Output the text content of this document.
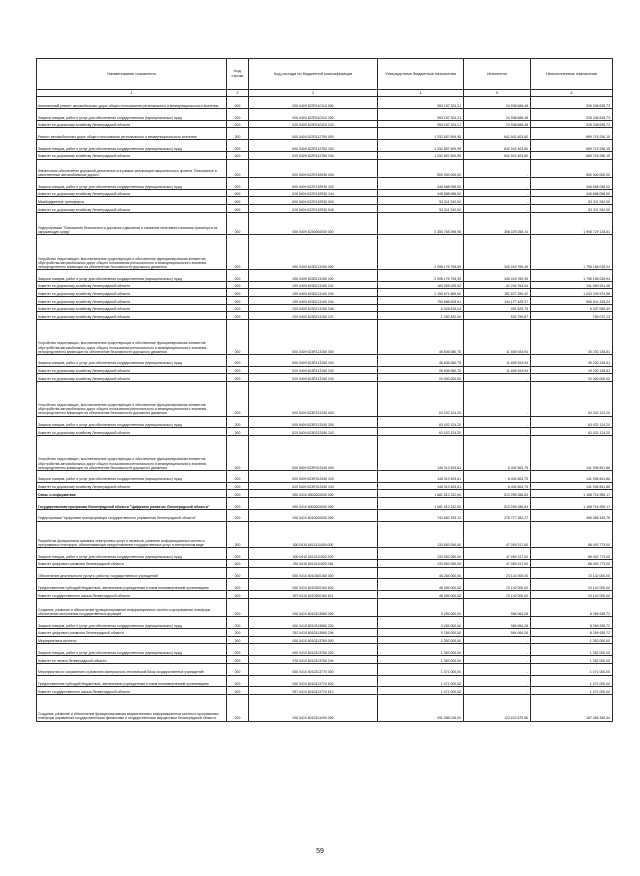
Наименование показателя	Код строки	Код расхода по бюджетной классификации	Утвержденные бюджетные назначения	Исполнено	Неисполненные назначения
1	2	3	4	5	6
Капитальный ремонт автомобильных дорог общего пользования регионального и межмуниципального значения	200	000 0409 622R110110 000	353 187 324,21	24 938 688,48	328 248 635,73
Закупка товаров, работ и услуг для обеспечения государственных (муниципальных) нужд	200	000 0409 622R110110 200	353 187 324,21	24 938 688,48	328 248 635,73
Комитет по дорожному хозяйству Ленинградской области	200	029 0409 622R110110 243	353 187 324,21	24 938 688,48	328 248 635,73
Ремонт автомобильных дорог общего пользования регионального и межмуниципального значения	200	000 0409 622R112750 000	1 332 857 699,95	642 942 403,80	689 715 296,15
Закупка товаров, работ и услуг для обеспечения государственных (муниципальных) нужд	200	000 0409 622R112750 200	1 332 857 699,95	642 942 403,80	689 715 296,15
Комитет по дорожному хозяйству Ленинградской области	200	029 0409 622R112750 244	1 332 857 699,95	642 942 403,80	689 715 296,15
Финансовое обеспечение дорожной деятельности в рамках реализации национального проекта "Безопасные и качественные автомобильные дороги"	200	000 0409 622R153930 000	500 000 000,00	-	500 000 000,00
Закупка товаров, работ и услуг для обеспечения государственных (муниципальных) нужд	200	000 0409 622R153930 200	446 688 058,00	-	446 688 058,00
Комитет по дорожному хозяйству Ленинградской области	200	029 0409 622R153930 244	446 688 058,00	-	446 688 058,00
Межбюджетные трансферты	200	000 0409 622R153930 500	53 311 942,00	-	53 311 942,00
Комитет по дорожному хозяйству Ленинградской области	200	029 0409 622R153930 540	53 311 942,00	-	53 311 942,00
Подпрограмма "Повышение безопасности дорожного движения и снижение негативного влияния транспорта на окружающую среду"	200	000 0409 6230000000 000	2 356 758 396,95	358 029 258,14	1 998 729 128,81
Устройство недостающих, восстановление существующих и обеспечение функционирования элементов обустройства автомобильных дорог общего пользования регионального и межмуниципального значения, непосредственно влияющих на обеспечение безопасности дорожного движения	200	000 0409 6230213150 000	2 098 176 798,39	340 018 769,45	1 758 158 028,94
Закупка товаров, работ и услуг для обеспечения государственных (муниципальных) нужд	200	000 0409 6230213150 200	2 098 176 798,39	340 018 769,45	1 758 158 028,94
Комитет по дорожному хозяйству Ленинградской области	200	029 0409 6230213150 242	183 305 025,52	42 244 764,04	141 060 261,48
Комитет по дорожному хозяйству Ленинградской области	200	029 0409 6230213150 243	1 155 871 865,00	152 572 290,42	1 003 299 574,58
Комитет по дорожному хозяйству Ленинградской области	200	029 0409 6230213150 244	750 688 828,61	144 177 425,37	606 511 203,24
Комитет по дорожному хозяйству Ленинградской области	200	029 0409 6230213150 246	6 928 615,24	491 529,75	6 437 085,49
Комитет по дорожному хозяйству Ленинградской области	200	029 0409 6230213150 247	1 282 832,00	532 759,87	750 072,13
Устройство недостающих, восстановление существующих и обеспечение функционирования элементов обустройства автомобильных дорог общего пользования регионального и межмуниципального значения, непосредственно влияющих на обеспечение безопасности дорожного движения	200	000 0409 623R113150 000	46 836 080,75	11 605 924,94	35 230 135,81
Закупка товаров, работ и услуг для обеспечения государственных (муниципальных) нужд	200	000 0409 623R113150 200	46 836 080,75	11 605 924,94	35 230 135,81
Комитет по дорожному хозяйству Ленинградской области	200	029 0409 623R113150 243	26 836 080,75	11 605 924,94	15 230 135,81
Комитет по дорожному хозяйству Ленинградской области	200	029 0409 623R113150 244	20 000 000,00	-	20 000 000,00
Устройство недостающих, восстановление существующих и обеспечение функционирования элементов обустройства автомобильных дорог общего пользования регионального и межмуниципального значения, непосредственно влияющих на обеспечение безопасности дорожного движения	200	000 0409 623R213150 000	63 432 124,20	-	63 432 124,20
Закупка товаров, работ и услуг для обеспечения государственных (муниципальных) нужд	200	000 0409 623R213150 200	63 432 124,20	-	63 432 124,20
Комитет по дорожному хозяйству Ленинградской области	200	029 0409 623R213150 242	63 432 124,20	-	63 432 124,20
Устройство недостающих, восстановление существующих и обеспечение функционирования элементов обустройства автомобильных дорог общего пользования регионального и межмуниципального значения, непосредственно влияющих на обеспечение безопасности дорожного движения	200	000 0409 623R313150 000	148 313 405,61	6 404 563,75	141 908 841,86
Закупка товаров, работ и услуг для обеспечения государственных (муниципальных) нужд	200	000 0409 623R313150 200	148 313 405,61	6 404 563,75	141 908 841,86
Комитет по дорожному хозяйству Ленинградской области	200	029 0409 623R313150 243	148 313 405,61	6 404 563,75	141 908 841,86
Связь и информатика	200	000 0410 0000000000 000	1 681 812 242,00	513 095 286,83	1 168 716 955,17
Государственная программа Ленинградской области "Цифровое развитие Ленинградской области"	200	000 0410 6000000000 000	1 681 812 242,00	513 095 286,83	1 168 716 955,17
Подпрограмма "Цифровая трансформация государственного управления Ленинградской области"	200	000 0410 6010000000 000	743 882 793,12	278 777 352,27	465 065 440,75
Разработка функционала оказания электронных услуг и сервисов, развитие информационных систем и программных платформ, обеспечивающих предоставление государственных услуг в электронном виде	200	000 0410 6010111000 000	133 552 090,00	47 059 317,00	86 492 773,00
Закупка товаров, работ и услуг для обеспечения государственных (муниципальных) нужд	200	000 0410 6010111000 200	133 552 090,00	47 059 317,00	86 492 773,00
Комитет цифрового развития Ленинградской области	200	252 0410 6010111000 246	133 552 090,00	47 059 317,00	86 492 773,00
Обеспечение деятельности (услуги, работы) государственных учреждений	200	000 0410 6010300160 000	46 284 000,00	23 142 000,00	23 142 000,00
Предоставление субсидий бюджетным, автономным учреждениям и иным некоммерческим организациям	200	000 0410 6010300160 600	46 284 000,00	23 142 000,00	23 142 000,00
Комитет государственного заказа Ленинградской области	200	997 0410 6010300160 611	46 284 000,00	23 142 000,00	23 142 000,00
Создание, развитие и обеспечение функционирования информационных систем и программных платформ обеспечения исполнения государственных функций	200	000 0410 6010313580 000	9 254 000,00	984 064,28	8 269 935,72
Закупка товаров, работ и услуг для обеспечения государственных (муниципальных) нужд	200	000 0410 6010313580 200	9 254 000,00	984 064,28	8 269 935,72
Комитет цифрового развития Ленинградской области	200	252 0410 6010313580 246	9 254 000,00	984 064,28	8 269 935,72
Мероприятия в проекты	200	000 0410 6010313760 000	1 352 000,00	-	1 352 000,00
Закупка товаров, работ и услуг для обеспечения государственных (муниципальных) нужд	200	000 0410 6010313760 200	1 352 000,00	-	1 352 000,00
Комитет по печати Ленинградской области	200	976 0410 6010313760 244	1 352 000,00	-	1 352 000,00
Мероприятия по сохранению и развитию материально-технической базы государственных учреждений	200	000 0410 6010313770 000	1 071 000,00	-	1 071 000,00
Предоставление субсидий бюджетным, автономным учреждениям и иным некоммерческим организациям	200	000 0410 6010313770 600	1 071 000,00	-	1 071 000,00
Комитет государственного заказа Ленинградской области	200	997 0410 6010313770 612	1 071 000,00	-	1 071 000,00
Создание, развитие и обеспечение функционирования ведомственных информационных систем и программных платформ управления государственными финансами и государственным имуществом Ленинградской области	200	000 0410 6010314490 000	291 088 016,00	123 622 675,56	167 465 340,44
59
